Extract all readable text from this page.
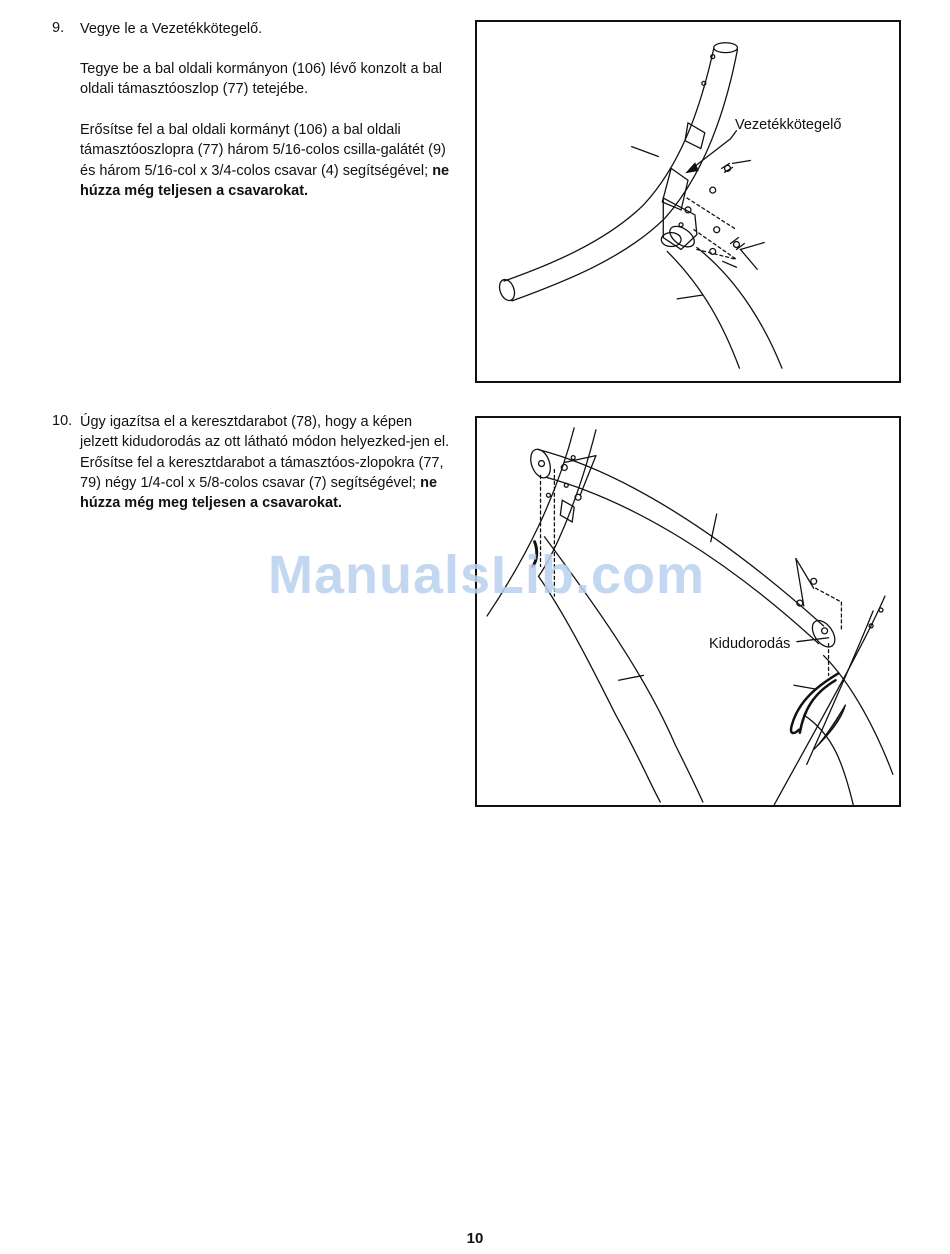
9. Vegye le a Vezetékkötegelő.

Tegye be a bal oldali kormányon (106) lévő konzolt a bal oldali támasztóoszlop (77) tetejébe.

Erősítse fel a bal oldali kormányt (106) a bal oldali támasztóoszlopra (77) három 5/16-colos csilla-galátét (9) és három 5/16-col x 3/4-colos csavar (4) segítségével; ne húzza még teljesen a csavarokat.

Vezetékkötegelő
10. Úgy igazítsa el a keresztdarabot (78), hogy a képen jelzett kidudorodás az ott látható módon helyezked-jen el. Erősítse fel a keresztdarabot a támasztóos-zlopokra (77, 79) négy 1/4-col x 5/8-colos csavar (7) segítségével; ne húzza még meg teljesen a csavarokat.

Kidudorodás
ManualsLib.com
10
